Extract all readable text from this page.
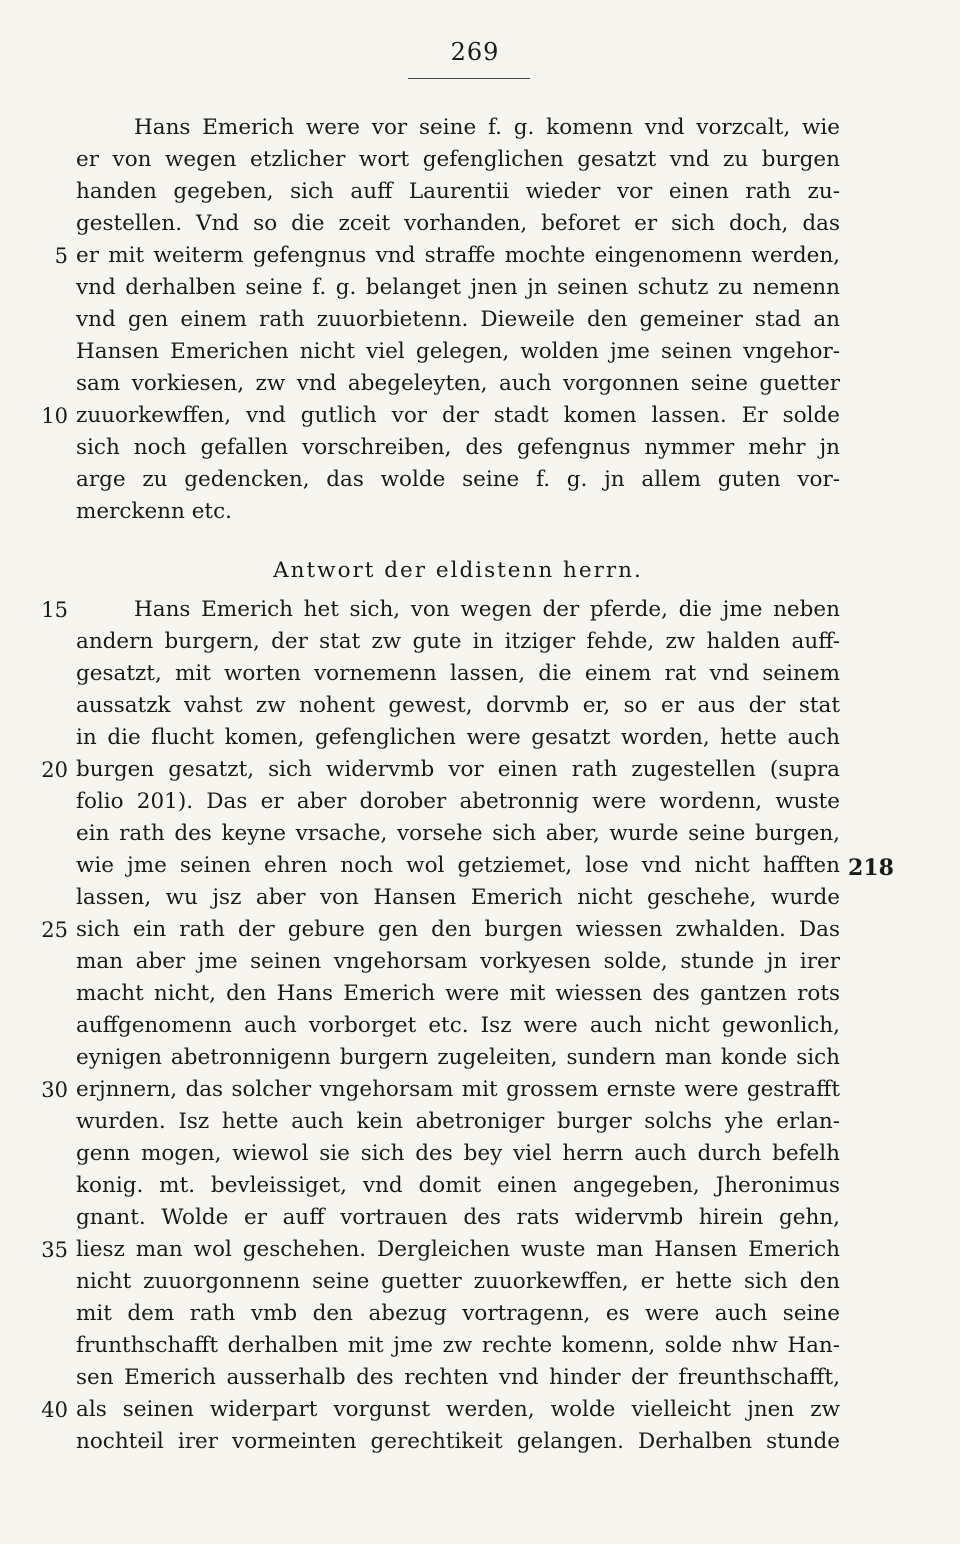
269
Hans Emerich were vor seine f. g. komenn vnd vorzcalt, wie
er von wegen etzlicher wort gefenglichen gesatzt vnd zu burgen
handen gegeben, sich auff Laurentii wieder vor einen rath zu-
gestellen. Vnd so die zceit vorhanden, beforet er sich doch, das
er mit weiterm gefengnus vnd straffe mochte eingenomenn werden,
vnd derhalben seine f. g. belanget jnen jn seinen schutz zu nemenn
vnd gen einem rath zuuorbietenn. Dieweile den gemeiner stad an
Hansen Emerichen nicht viel gelegen, wolden jme seinen vngehor-
sam vorkiesen, zw vnd abegeleyten, auch vorgonnen seine guetter
zuuorkewffen, vnd gutlich vor der stadt komen lassen. Er solde
sich noch gefallen vorschreiben, des gefengnus nymmer mehr jn
arge zu gedencken, das wolde seine f. g. jn allem guten vor-
merckenn etc.
Antwort der eldistenn herrn.
Hans Emerich het sich, von wegen der pferde, die jme neben
andern burgern, der stat zw gute in itziger fehde, zw halden auff-
gesatzt, mit worten vornemenn lassen, die einem rat vnd seinem
aussatzk vahst zw nohent gewest, dorvmb er, so er aus der stat
in die flucht komen, gefenglichen were gesatzt worden, hette auch
burgen gesatzt, sich widervmb vor einen rath zugestellen (supra
folio 201). Das er aber dorober abetronnig were wordenn, wuste
ein rath des keyne vrsache, vorsehe sich aber, wurde seine burgen,
wie jme seinen ehren noch wol getziemet, lose vnd nicht hafften
lassen, wu jsz aber von Hansen Emerich nicht geschehe, wurde
sich ein rath der gebure gen den burgen wiessen zwhalden. Das
man aber jme seinen vngehorsam vorkyesen solde, stunde jn irer
macht nicht, den Hans Emerich were mit wiessen des gantzen rots
auffgenomenn auch vorborget etc. Isz were auch nicht gewonlich,
eynigen abetronnigenn burgern zugeleiten, sundern man konde sich
erjnnern, das solcher vngehorsam mit grossem ernste were gestrafft
wurden. Isz hette auch kein abetroniger burger solchs yhe erlan-
genn mogen, wiewol sie sich des bey viel herrn auch durch befelh
konig. mt. bevleissiget, vnd domit einen angegeben, Jheronimus
gnant. Wolde er auff vortrauen des rats widervmb hirein gehn,
liesz man wol geschehen. Dergleichen wuste man Hansen Emerich
nicht zuuorgonnenn seine guetter zuuorkewffen, er hette sich den
mit dem rath vmb den abezug vortragenn, es were auch seine
frunthschafft derhalben mit jme zw rechte komenn, solde nhw Han-
sen Emerich ausserhalb des rechten vnd hinder der freunthschafft,
als seinen widerpart vorgunst werden, wolde vielleicht jnen zw
nochteil irer vormeinten gerechtikeit gelangen. Derhalben stunde
5
10
15
20
25
30
35
40
218
